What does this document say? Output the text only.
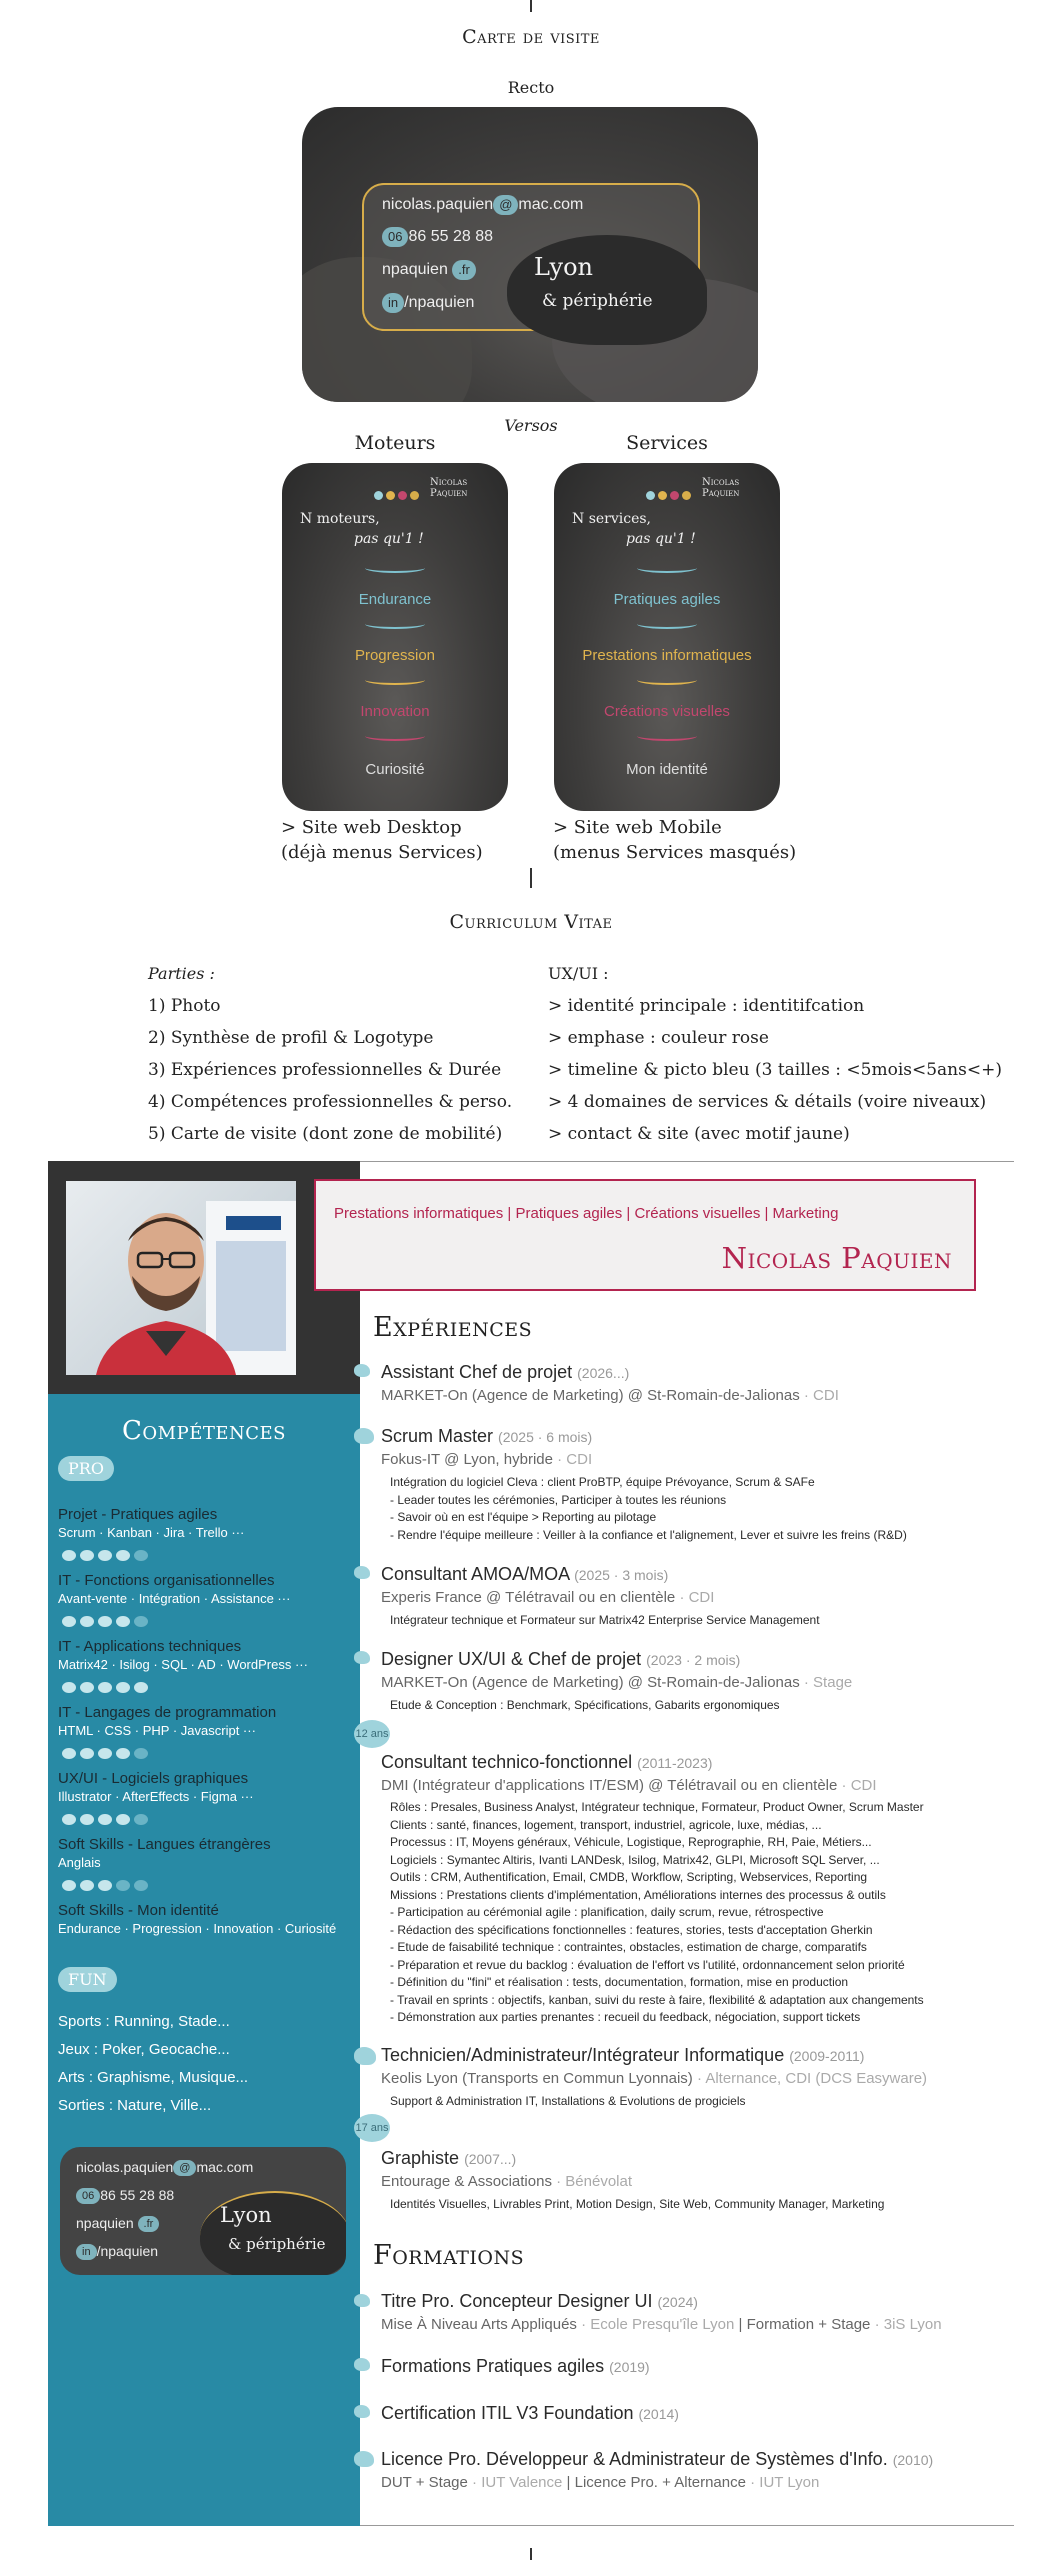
Carte de visite
Recto
nicolas.paquien @ mac.com
06 86 55 28 88
npaquien .fr
in /npaquien
Lyon
& périphérie
Versos
Moteurs	Services
Nicolas
Paquien
N moteurs,
pas qu'1 !
Endurance
Progression
Innovation
Curiosité
Nicolas
Paquien
N services,
pas qu'1 !
Pratiques agiles
Prestations informatiques
Créations visuelles
Mon identité
> Site web Desktop
(déjà menus Services)
> Site web Mobile
(menus Services masqués)
Curriculum Vitae
Parties :
1) Photo
2) Synthèse de profil & Logotype
3) Expériences professionnelles & Durée
4) Compétences professionnelles & perso.
5) Carte de visite (dont zone de mobilité)
UX/UI :
> identité principale : identitifcation
> emphase : couleur rose
> timeline & picto bleu (3 tailles : <5mois<5ans<+)
> 4 domaines de services & détails (voire niveaux)
> contact & site (avec motif jaune)
Prestations informatiques | Pratiques agiles | Créations visuelles | Marketing
Nicolas Paquien
Compétences
PRO
Projet - Pratiques agiles
Scrum · Kanban · Jira · Trello ···
IT - Fonctions organisationnelles
Avant-vente · Intégration · Assistance ···
IT - Applications techniques
Matrix42 · Isilog · SQL · AD · WordPress ···
IT - Langages de programmation
HTML · CSS · PHP · Javascript ···
UX/UI - Logiciels graphiques
Illustrator · AfterEffects · Figma ···
Soft Skills - Langues étrangères
Anglais
Soft Skills - Mon identité
Endurance · Progression · Innovation · Curiosité
FUN
Sports : Running, Stade...
Jeux : Poker, Geocache...
Arts : Graphisme, Musique...
Sorties : Nature, Ville...
nicolas.paquien @ mac.com
06 86 55 28 88
npaquien .fr
in /npaquien
Lyon
& périphérie
Expériences
Assistant Chef de projet (2026...)
MARKET-On (Agence de Marketing) @ St-Romain-de-Jalionas · CDI
Scrum Master (2025 · 6 mois)
Fokus-IT @ Lyon, hybride · CDI
Intégration du logiciel Cleva : client ProBTP, équipe Prévoyance, Scrum & SAFe
- Leader toutes les cérémonies, Participer à toutes les réunions
- Savoir où en est l'équipe > Reporting au pilotage
- Rendre l'équipe meilleure : Veiller à la confiance et l'alignement, Lever et suivre les freins (R&D)
Consultant AMOA/MOA (2025 · 3 mois)
Experis France @ Télétravail ou en clientèle · CDI
Intégrateur technique et Formateur sur Matrix42 Enterprise Service Management
Designer UX/UI & Chef de projet (2023 · 2 mois)
MARKET-On (Agence de Marketing) @ St-Romain-de-Jalionas · Stage
Etude & Conception : Benchmark, Spécifications, Gabarits ergonomiques
12 ans
Consultant technico-fonctionnel (2011-2023)
DMI (Intégrateur d'applications IT/ESM) @ Télétravail ou en clientèle · CDI
Rôles : Presales, Business Analyst, Intégrateur technique, Formateur, Product Owner, Scrum Master
Clients : santé, finances, logement, transport, industriel, agricole, luxe, médias, ...
Processus : IT, Moyens généraux, Véhicule, Logistique, Reprographie, RH, Paie, Métiers...
Logiciels : Symantec Altiris, Ivanti LANDesk, Isilog, Matrix42, GLPI, Microsoft SQL Server, ...
Outils : CRM, Authentification, Email, CMDB, Workflow, Scripting, Webservices, Reporting
Missions : Prestations clients d'implémentation, Améliorations internes des processus & outils
- Participation au cérémonial agile : planification, daily scrum, revue, rétrospective
- Rédaction des spécifications fonctionnelles : features, stories, tests d'acceptation Gherkin
- Etude de faisabilité technique : contraintes, obstacles, estimation de charge, comparatifs
- Préparation et revue du backlog : évaluation de l'effort vs l'utilité, ordonnancement selon priorité
- Définition du "fini" et réalisation : tests, documentation, formation, mise en production
- Travail en sprints : objectifs, kanban, suivi du reste à faire, flexibilité & adaptation aux changements
- Démonstration aux parties prenantes : recueil du feedback, négociation, support tickets
Technicien/Administrateur/Intégrateur Informatique (2009-2011)
Keolis Lyon (Transports en Commun Lyonnais) · Alternance, CDI (DCS Easyware)
Support & Administration IT, Installations & Evolutions de progiciels
17 ans
Graphiste (2007...)
Entourage & Associations · Bénévolat
Identités Visuelles, Livrables Print, Motion Design, Site Web, Community Manager, Marketing
Formations
Titre Pro. Concepteur Designer UI (2024)
Mise À Niveau Arts Appliqués · Ecole Presqu'île Lyon | Formation + Stage · 3iS Lyon
Formations Pratiques agiles (2019)
Certification ITIL V3 Foundation (2014)
Licence Pro. Développeur & Administrateur de Systèmes d'Info. (2010)
DUT + Stage · IUT Valence | Licence Pro. + Alternance · IUT Lyon
